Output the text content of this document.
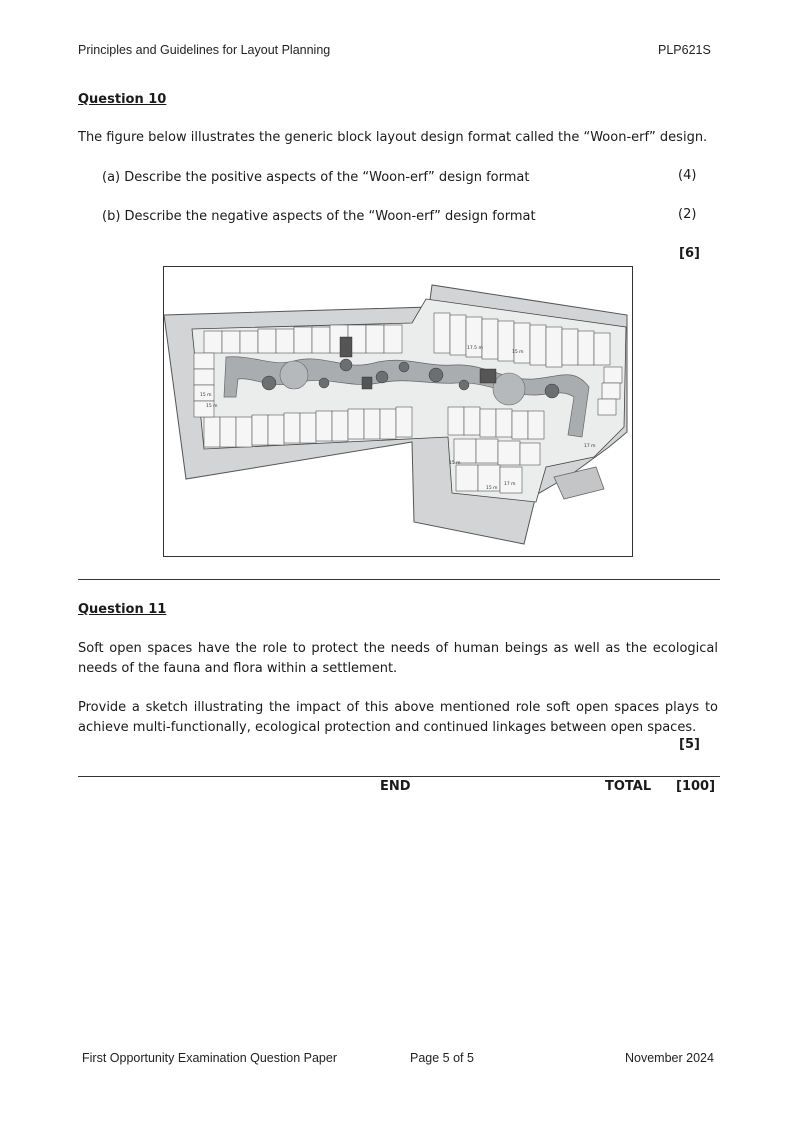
Principles and Guidelines for Layout Planning	PLP621S
Question 10
The figure below illustrates the generic block layout design format called the “Woon-erf” design.
(a) Describe the positive aspects of the “Woon-erf” design format	(4)
(b) Describe the negative aspects of the “Woon-erf” design format	(2)
[6]
15 m
17.5 m
15 m
17 m
15 m
17 m
15 m
15 m
Question 11
Soft open spaces have the role to protect the needs of human beings as well as the ecological needs of the fauna and flora within a settlement.
Provide a sketch illustrating the impact of this above mentioned role soft open spaces plays to achieve multi-functionally, ecological protection and continued linkages between open spaces.
[5]
END	TOTAL [100]
First Opportunity Examination Question Paper	Page 5 of 5	November 2024
